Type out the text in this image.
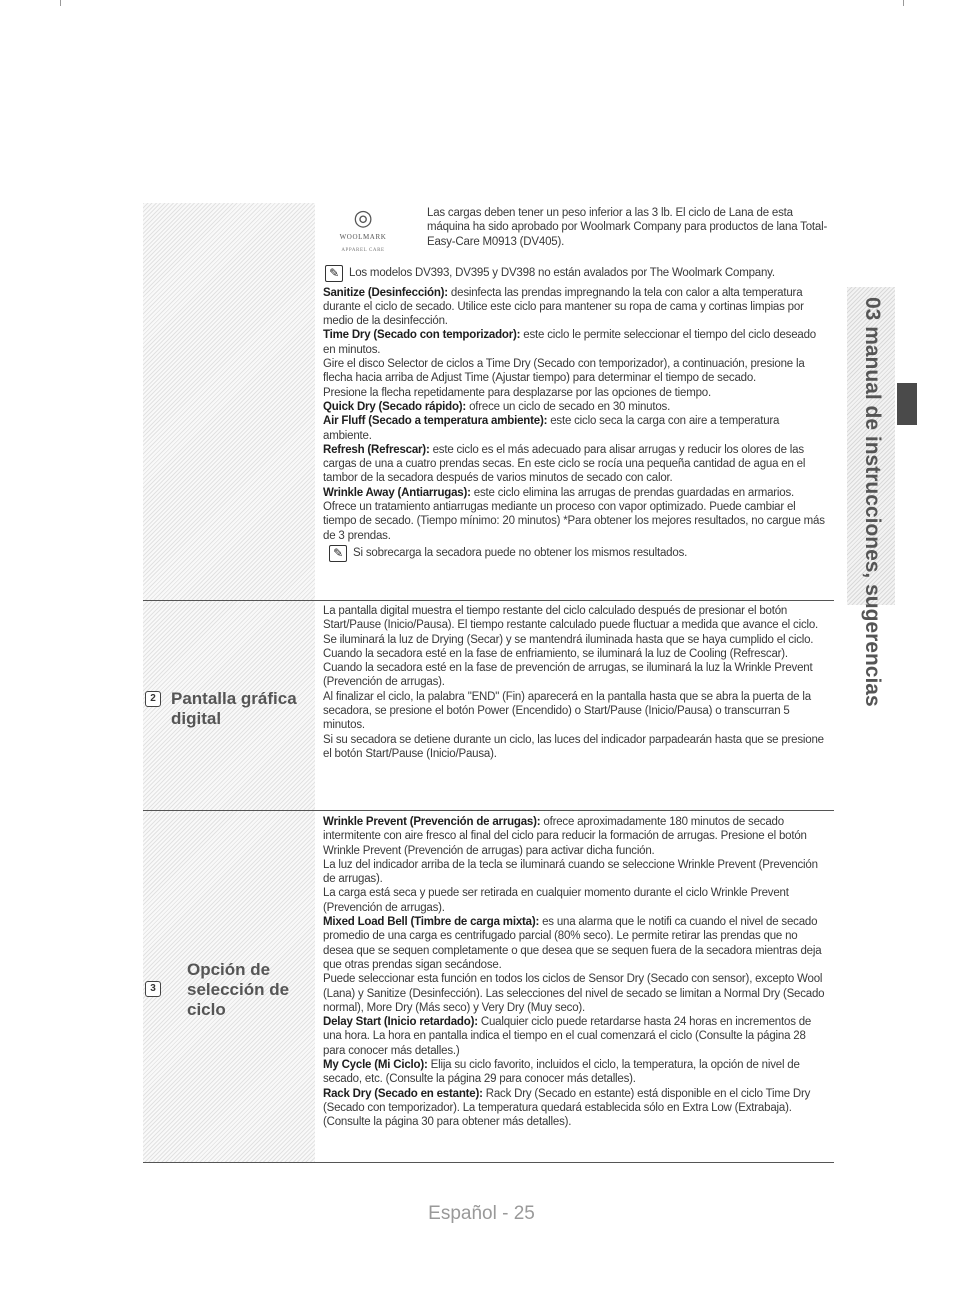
2 Pantalla gráfica
digital
3
Opción de
selección de
ciclo
◎
WOOLMARK
APPAREL CARE

Las cargas deben tener un peso inferior a las 3 lb. El ciclo de Lana de esta máquina ha sido aprobado por Woolmark Company para productos de lana Total-Easy-Care M0913 (DV405).

✎ Los modelos DV393, DV395 y DV398 no están avalados por The Woolmark Company.

Sanitize (Desinfección): desinfecta las prendas impregnando la tela con calor a alta temperatura durante el ciclo de secado. Utilice este ciclo para mantener su ropa de cama y cortinas limpias por medio de la desinfección.

Time Dry (Secado con temporizador): este ciclo le permite seleccionar el tiempo del ciclo deseado en minutos.

Gire el disco Selector de ciclos a Time Dry (Secado con temporizador), a continuación, presione la flecha hacia arriba de Adjust Time (Ajustar tiempo) para determinar el tiempo de secado.

Presione la flecha repetidamente para desplazarse por las opciones de tiempo.

Quick Dry (Secado rápido): ofrece un ciclo de secado en 30 minutos.

Air Fluff (Secado a temperatura ambiente): este ciclo seca la carga con aire a temperatura ambiente.

Refresh (Refrescar): este ciclo es el más adecuado para alisar arrugas y reducir los olores de las cargas de una a cuatro prendas secas. En este ciclo se rocía una pequeña cantidad de agua en el tambor de la secadora después de varios minutos de secado con calor.

Wrinkle Away (Antiarrugas): este ciclo elimina las arrugas de prendas guardadas en armarios.

Ofrece un tratamiento antiarrugas mediante un proceso con vapor optimizado. Puede cambiar el tiempo de secado. (Tiempo mínimo: 20 minutos) *Para obtener los mejores resultados, no cargue más de 3 prendas.

✎ Si sobrecarga la secadora puede no obtener los mismos resultados.

La pantalla digital muestra el tiempo restante del ciclo calculado después de presionar el botón Start/Pause (Inicio/Pausa). El tiempo restante calculado puede fluctuar a medida que avance el ciclo.

Se iluminará la luz de Drying (Secar) y se mantendrá iluminada hasta que se haya cumplido el ciclo.

Cuando la secadora esté en la fase de enfriamiento, se iluminará la luz de Cooling (Refrescar).

Cuando la secadora esté en la fase de prevención de arrugas, se iluminará la luz la Wrinkle Prevent (Prevención de arrugas).

Al finalizar el ciclo, la palabra "END" (Fin) aparecerá en la pantalla hasta que se abra la puerta de la secadora, se presione el botón Power (Encendido) o Start/Pause (Inicio/Pausa) o transcurran 5 minutos.

Si su secadora se detiene durante un ciclo, las luces del indicador parpadearán hasta que se presione el botón Start/Pause (Inicio/Pausa).

Wrinkle Prevent (Prevención de arrugas): ofrece aproximadamente 180 minutos de secado intermitente con aire fresco al final del ciclo para reducir la formación de arrugas. Presione el botón Wrinkle Prevent (Prevención de arrugas) para activar dicha función.

La luz del indicador arriba de la tecla se iluminará cuando se seleccione Wrinkle Prevent (Prevención de arrugas).

La carga está seca y puede ser retirada en cualquier momento durante el ciclo Wrinkle Prevent (Prevención de arrugas).

Mixed Load Bell (Timbre de carga mixta): es una alarma que le notifi ca cuando el nivel de secado promedio de una carga es centrifugado parcial (80% seco). Le permite retirar las prendas que no desea que se sequen completamente o que desea que se sequen fuera de la secadora mientras deja que otras prendas sigan secándose.

Puede seleccionar esta función en todos los ciclos de Sensor Dry (Secado con sensor), excepto Wool (Lana) y Sanitize (Desinfección). Las selecciones del nivel de secado se limitan a Normal Dry (Secado normal), More Dry (Más seco) y Very Dry (Muy seco).

Delay Start (Inicio retardado): Cualquier ciclo puede retardarse hasta 24 horas en incrementos de una hora. La hora en pantalla indica el tiempo en el cual comenzará el ciclo (Consulte la página 28 para conocer más detalles.)

My Cycle (Mi Ciclo): Elija su ciclo favorito, incluidos el ciclo, la temperatura, la opción de nivel de secado, etc. (Consulte la página 29 para conocer más detalles).

Rack Dry (Secado en estante): Rack Dry (Secado en estante) está disponible en el ciclo Time Dry (Secado con temporizador). La temperatura quedará establecida sólo en Extra Low (Extrabaja). (Consulte la página 30 para obtener más detalles).

03 manual de instrucciones, sugerencias
Español - 25
